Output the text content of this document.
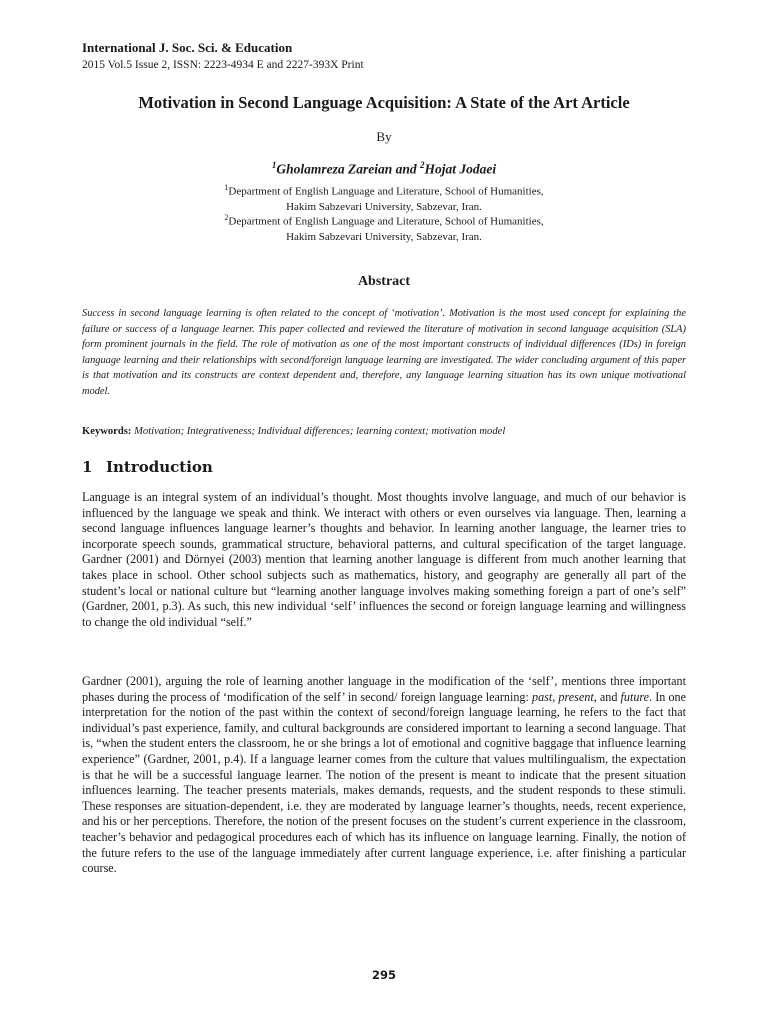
International J. Soc. Sci. & Education
2015 Vol.5 Issue 2, ISSN: 2223-4934 E and 2227-393X Print
Motivation in Second Language Acquisition: A State of the Art Article
By
$^1$Gholamreza Zareian and $^2$Hojat Jodaei
$^1$Department of English Language and Literature, School of Humanities,
Hakim Sabzevari University, Sabzevar, Iran.
$^2$Department of English Language and Literature, School of Humanities,
Hakim Sabzevari University, Sabzevar, Iran.
Abstract
Success in second language learning is often related to the concept of ‘motivation’. Motivation is the most used concept for explaining the failure or success of a language learner. This paper collected and reviewed the literature of motivation in second language acquisition (SLA) form prominent journals in the field. The role of motivation as one of the most important constructs of individual differences (IDs) in foreign language learning and their relationships with second/foreign language learning are investigated. The wider concluding argument of this paper is that motivation and its constructs are context dependent and, therefore, any language learning situation has its own unique motivational model.
Keywords: Motivation; Integrativeness; Individual differences; learning context; motivation model
1 Introduction
Language is an integral system of an individual’s thought. Most thoughts involve language, and much of our behavior is influenced by the language we speak and think. We interact with others or even ourselves via language. Then, learning a second language influences language learner’s thoughts and behavior. In learning another language, the learner tries to incorporate speech sounds, grammatical structure, behavioral patterns, and cultural specification of the target language. Gardner (2001) and Dörnyei (2003) mention that learning another language is different from much another learning that takes place in school. Other school subjects such as mathematics, history, and geography are generally all part of the student’s local or national culture but “learning another language involves making something foreign a part of one’s self” (Gardner, 2001, p.3). As such, this new individual ‘self’ influences the second or foreign language learning and willingness to change the old individual “self.”
Gardner (2001), arguing the role of learning another language in the modification of the ‘self’, mentions three important phases during the process of ‘modification of the self’ in second/ foreign language learning: past, present, and future. In one interpretation for the notion of the past within the context of second/foreign language learning, he refers to the fact that individual’s past experience, family, and cultural backgrounds are considered important to learning a second language. That is, “when the student enters the classroom, he or she brings a lot of emotional and cognitive baggage that influence learning experience” (Gardner, 2001, p.4). If a language learner comes from the culture that values multilingualism, the expectation is that he will be a successful language learner. The notion of the present is meant to indicate that the present situation influences learning. The teacher presents materials, makes demands, requests, and the student responds to these stimuli. These responses are situation-dependent, i.e. they are moderated by language learner’s thoughts, needs, recent experience, and his or her perceptions. Therefore, the notion of the present focuses on the student’s current experience in the classroom, teacher’s behavior and pedagogical procedures each of which has its influence on language learning. Finally, the notion of the future refers to the use of the language immediately after current language experience, i.e. after finishing a particular course.
295
